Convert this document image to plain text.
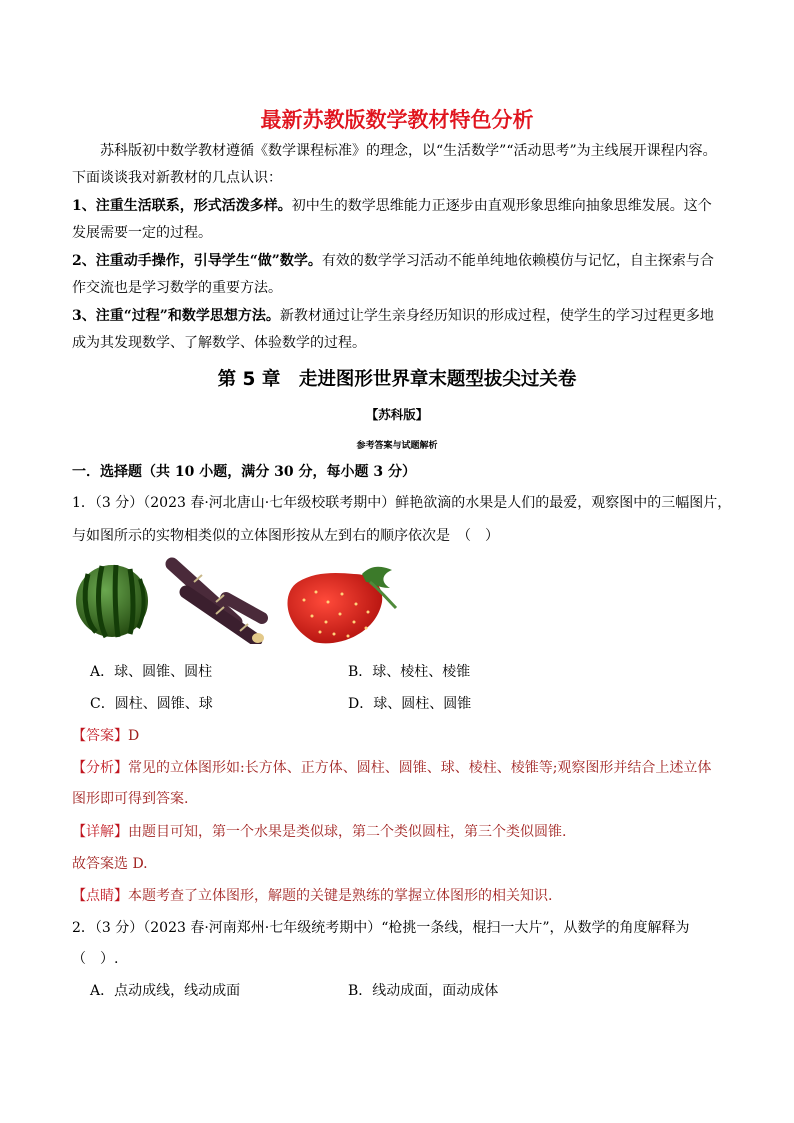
最新苏教版数学教材特色分析
苏科版初中数学教材遵循《数学课程标准》的理念，以“生活数学”“活动思考”为主线展开课程内容。下面谈谈我对新教材的几点认识：
1、注重生活联系，形式活泼多样。初中生的数学思维能力正逐步由直观形象思维向抽象思维发展。这个发展需要一定的过程。
2、注重动手操作，引导学生“做”数学。有效的数学学习活动不能单纯地依赖模仿与记忆，自主探索与合作交流也是学习数学的重要方法。
3、注重“过程”和数学思想方法。新教材通过让学生亲身经历知识的形成过程，使学生的学习过程更多地成为其发现数学、了解数学、体验数学的过程。
第 5 章　走进图形世界章末题型拔尖过关卷
【苏科版】
参考答案与试题解析
一．选择题（共 10 小题，满分 30 分，每小题 3 分）
1．（3 分）（2023 春·河北唐山·七年级校联考期中）鲜艳欲滴的水果是人们的最爱，观察图中的三幅图片，
与如图所示的实物相类似的立体图形按从左到右的顺序依次是　（　）
A．球、圆锥、圆柱	B．球、棱柱、棱锥
C．圆柱、圆锥、球	D．球、圆柱、圆锥
【答案】D
【分析】常见的立体图形如:长方体、正方体、圆柱、圆锥、球、棱柱、棱锥等;观察图形并结合上述立体
图形即可得到答案.
【详解】由题目可知，第一个水果是类似球，第二个类似圆柱，第三个类似圆锥.
故答案选 D.
【点睛】本题考查了立体图形，解题的关键是熟练的掌握立体图形的相关知识.
2．（3 分）（2023 春·河南郑州·七年级统考期中）“枪挑一条线，棍扫一大片”，从数学的角度解释为
（　）.
A．点动成线，线动成面	B．线动成面，面动成体
